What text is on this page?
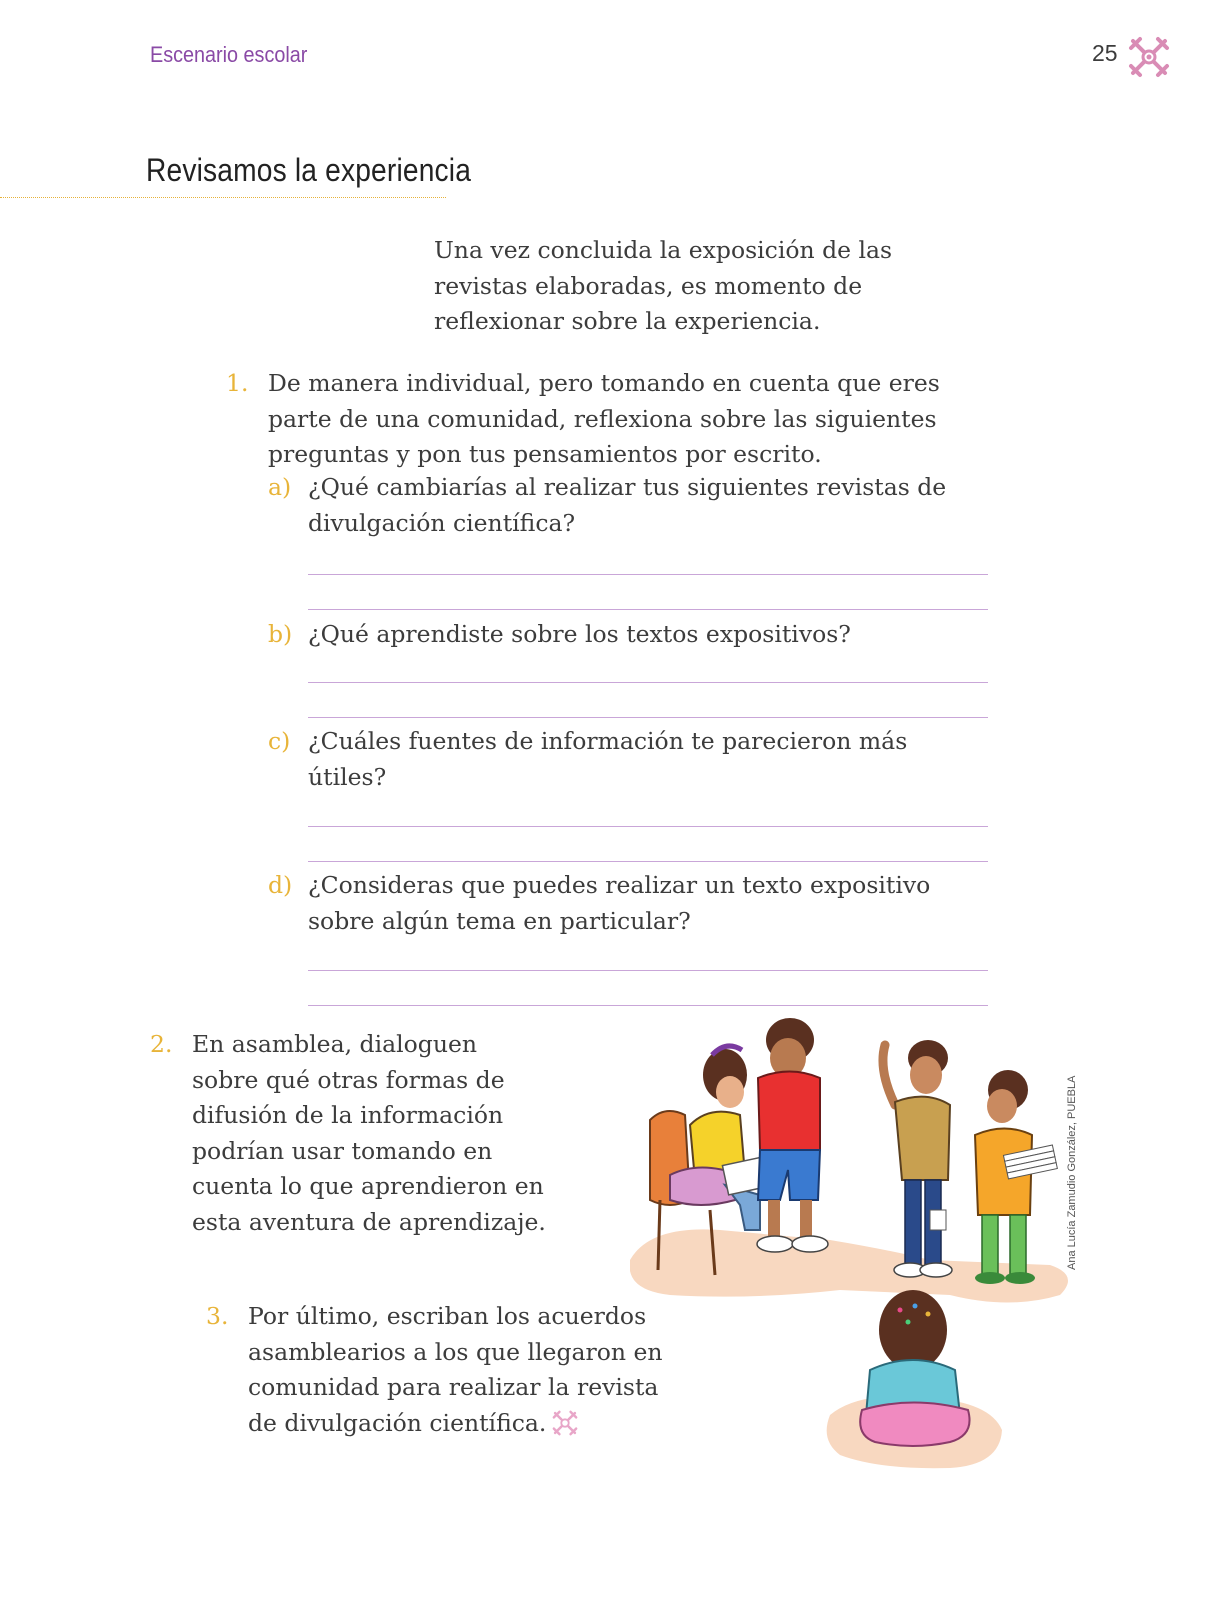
Escenario escolar	25
Revisamos la experiencia
Una vez concluida la exposición de las revistas elaboradas, es momento de reflexionar sobre la experiencia.
1. De manera individual, pero tomando en cuenta que eres parte de una comunidad, reflexiona sobre las siguientes preguntas y pon tus pensamientos por escrito.
a) ¿Qué cambiarías al realizar tus siguientes revistas de divulgación científica?
b) ¿Qué aprendiste sobre los textos expositivos?
c) ¿Cuáles fuentes de información te parecieron más útiles?
d) ¿Consideras que puedes realizar un texto expositivo sobre algún tema en particular?
2. En asamblea, dialoguen sobre qué otras formas de difusión de la información podrían usar tomando en cuenta lo que aprendieron en esta aventura de aprendizaje.
3. Por último, escriban los acuerdos asamblearios a los que llegaron en comunidad para realizar la revista de divulgación científica.
Ana Lucía Zamudio González, PUEBLA
